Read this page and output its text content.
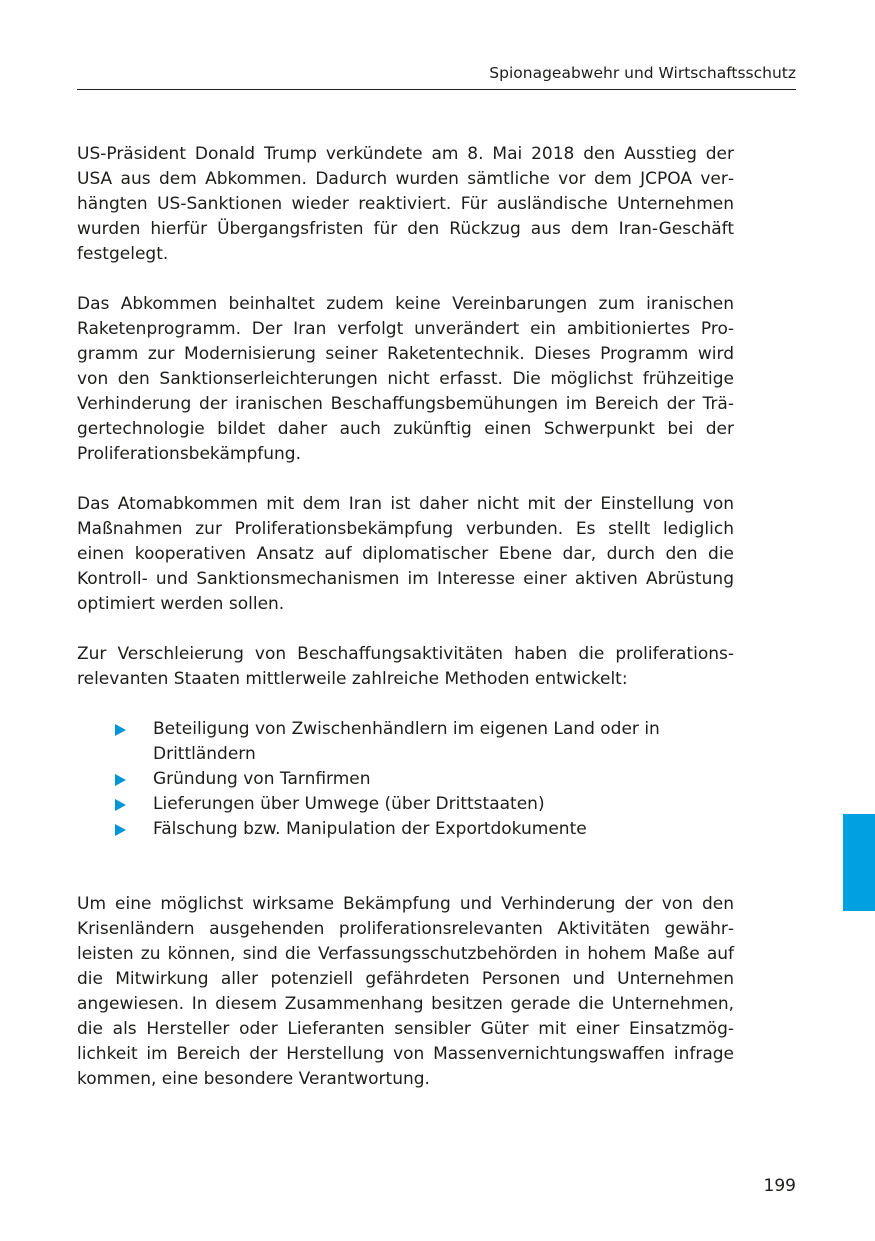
Spionageabwehr und Wirtschaftsschutz

US-Präsident Donald Trump verkündete am 8. Mai 2018 den Ausstieg der USA aus dem Abkommen. Dadurch wurden sämtliche vor dem JCPOA verhängten US-Sanktionen wieder reaktiviert. Für ausländische Unternehmen wurden hierfür Übergangsfristen für den Rückzug aus dem Iran-Geschäft festgelegt.

Das Abkommen beinhaltet zudem keine Vereinbarungen zum iranischen Raketenprogramm. Der Iran verfolgt unverändert ein ambitioniertes Programm zur Modernisierung seiner Raketentechnik. Dieses Programm wird von den Sanktionserleichterungen nicht erfasst. Die möglichst frühzeitige Verhinderung der iranischen Beschaffungsbemühungen im Bereich der Trägertechnologie bildet daher auch zukünftig einen Schwerpunkt bei der Proliferationsbekämpfung.

Das Atomabkommen mit dem Iran ist daher nicht mit der Einstellung von Maßnahmen zur Proliferationsbekämpfung verbunden. Es stellt lediglich einen kooperativen Ansatz auf diplomatischer Ebene dar, durch den die Kontroll- und Sanktionsmechanismen im Interesse einer aktiven Abrüstung optimiert werden sollen.

Zur Verschleierung von Beschaffungsaktivitäten haben die proliferationsrelevanten Staaten mittlerweile zahlreiche Methoden entwickelt:

Beteiligung von Zwischenhändlern im eigenen Land oder in Drittländern
Gründung von Tarnfirmen
Lieferungen über Umwege (über Drittstaaten)
Fälschung bzw. Manipulation der Exportdokumente

Um eine möglichst wirksame Bekämpfung und Verhinderung der von den Krisenländern ausgehenden proliferationsrelevanten Aktivitäten gewährleisten zu können, sind die Verfassungsschutzbehörden in hohem Maße auf die Mitwirkung aller potenziell gefährdeten Personen und Unternehmen angewiesen. In diesem Zusammenhang besitzen gerade die Unternehmen, die als Hersteller oder Lieferanten sensibler Güter mit einer Einsatzmöglichkeit im Bereich der Herstellung von Massenvernichtungswaffen infrage kommen, eine besondere Verantwortung.

199
